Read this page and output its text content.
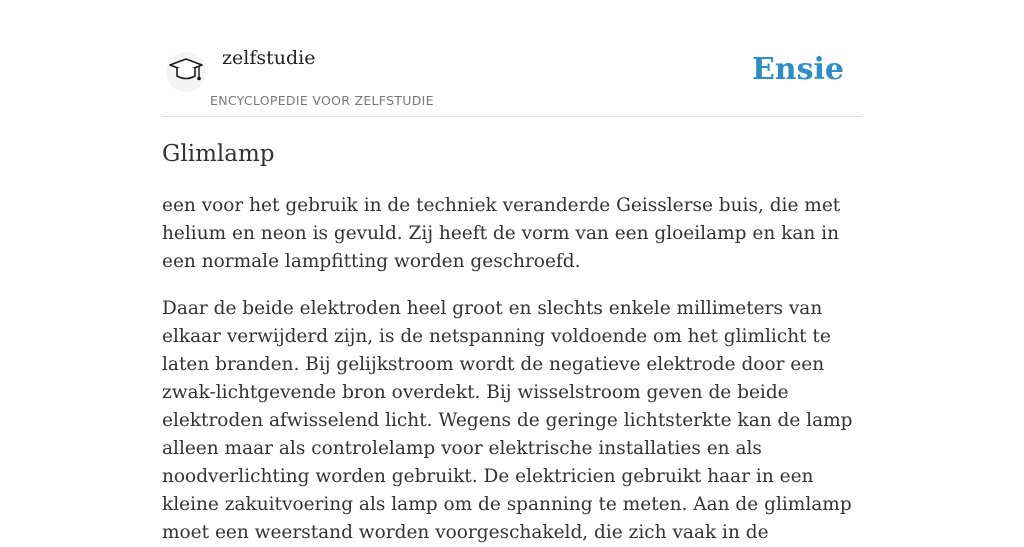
zelfstudie
ENCYCLOPEDIE VOOR ZELFSTUDIE
Ensie
Glimlamp

een voor het gebruik in de techniek veranderde Geisslerse buis, die met helium en neon is gevuld. Zij heeft de vorm van een gloeilamp en kan in een normale lampfitting worden geschroefd.

Daar de beide elektroden heel groot en slechts enkele millimeters van elkaar verwijderd zijn, is de netspanning voldoende om het glimlicht te laten branden. Bij gelijkstroom wordt de negatieve elektrode door een zwak-lichtgevende bron overdekt. Bij wisselstroom geven de beide elektroden afwisselend licht. Wegens de geringe lichtsterkte kan de lamp alleen maar als controlelamp voor elektrische installaties en als noodverlichting worden gebruikt. De elektricien gebruikt haar in een kleine zakuitvoering als lamp om de spanning te meten. Aan de glimlamp moet een weerstand worden voorgeschakeld, die zich vaak in de
